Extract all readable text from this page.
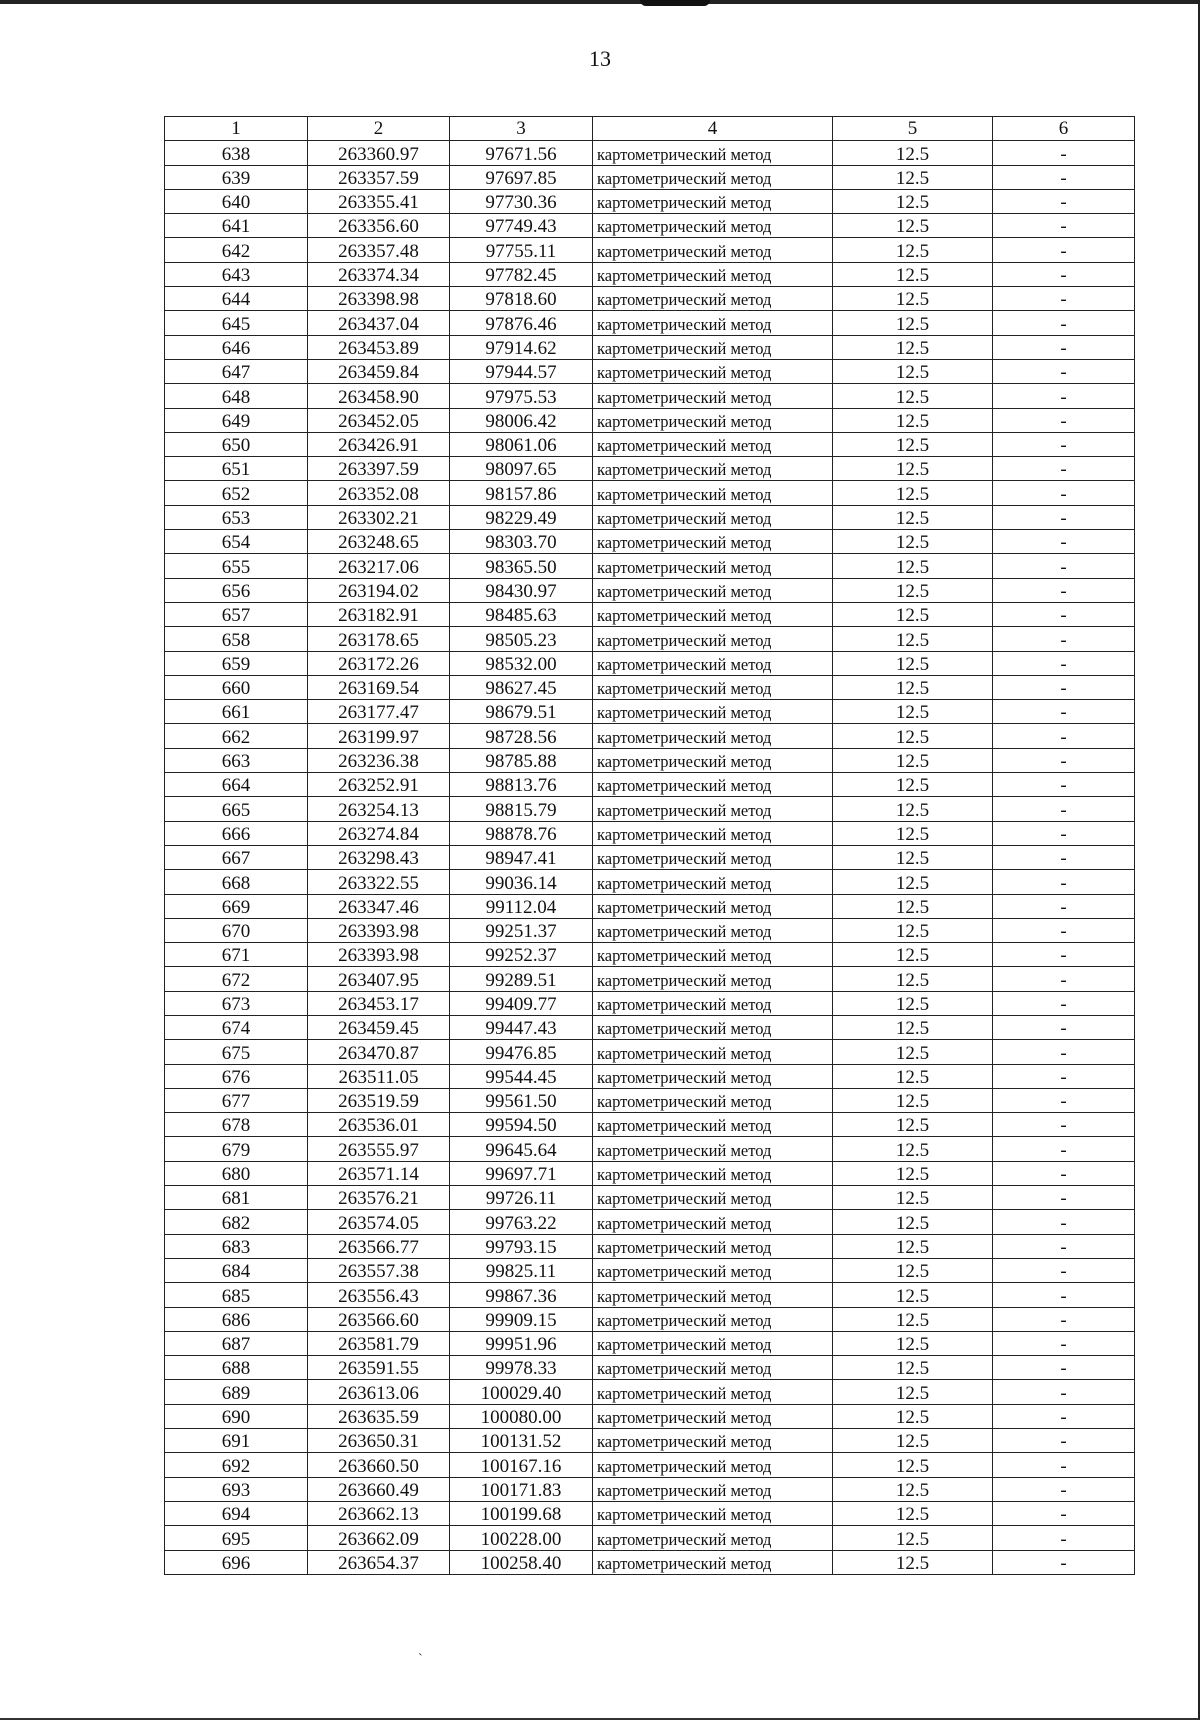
13
1	2	3	4	5	6
638	263360.97	97671.56	картометрический метод	12.5	-
639	263357.59	97697.85	картометрический метод	12.5	-
640	263355.41	97730.36	картометрический метод	12.5	-
641	263356.60	97749.43	картометрический метод	12.5	-
642	263357.48	97755.11	картометрический метод	12.5	-
643	263374.34	97782.45	картометрический метод	12.5	-
644	263398.98	97818.60	картометрический метод	12.5	-
645	263437.04	97876.46	картометрический метод	12.5	-
646	263453.89	97914.62	картометрический метод	12.5	-
647	263459.84	97944.57	картометрический метод	12.5	-
648	263458.90	97975.53	картометрический метод	12.5	-
649	263452.05	98006.42	картометрический метод	12.5	-
650	263426.91	98061.06	картометрический метод	12.5	-
651	263397.59	98097.65	картометрический метод	12.5	-
652	263352.08	98157.86	картометрический метод	12.5	-
653	263302.21	98229.49	картометрический метод	12.5	-
654	263248.65	98303.70	картометрический метод	12.5	-
655	263217.06	98365.50	картометрический метод	12.5	-
656	263194.02	98430.97	картометрический метод	12.5	-
657	263182.91	98485.63	картометрический метод	12.5	-
658	263178.65	98505.23	картометрический метод	12.5	-
659	263172.26	98532.00	картометрический метод	12.5	-
660	263169.54	98627.45	картометрический метод	12.5	-
661	263177.47	98679.51	картометрический метод	12.5	-
662	263199.97	98728.56	картометрический метод	12.5	-
663	263236.38	98785.88	картометрический метод	12.5	-
664	263252.91	98813.76	картометрический метод	12.5	-
665	263254.13	98815.79	картометрический метод	12.5	-
666	263274.84	98878.76	картометрический метод	12.5	-
667	263298.43	98947.41	картометрический метод	12.5	-
668	263322.55	99036.14	картометрический метод	12.5	-
669	263347.46	99112.04	картометрический метод	12.5	-
670	263393.98	99251.37	картометрический метод	12.5	-
671	263393.98	99252.37	картометрический метод	12.5	-
672	263407.95	99289.51	картометрический метод	12.5	-
673	263453.17	99409.77	картометрический метод	12.5	-
674	263459.45	99447.43	картометрический метод	12.5	-
675	263470.87	99476.85	картометрический метод	12.5	-
676	263511.05	99544.45	картометрический метод	12.5	-
677	263519.59	99561.50	картометрический метод	12.5	-
678	263536.01	99594.50	картометрический метод	12.5	-
679	263555.97	99645.64	картометрический метод	12.5	-
680	263571.14	99697.71	картометрический метод	12.5	-
681	263576.21	99726.11	картометрический метод	12.5	-
682	263574.05	99763.22	картометрический метод	12.5	-
683	263566.77	99793.15	картометрический метод	12.5	-
684	263557.38	99825.11	картометрический метод	12.5	-
685	263556.43	99867.36	картометрический метод	12.5	-
686	263566.60	99909.15	картометрический метод	12.5	-
687	263581.79	99951.96	картометрический метод	12.5	-
688	263591.55	99978.33	картометрический метод	12.5	-
689	263613.06	100029.40	картометрический метод	12.5	-
690	263635.59	100080.00	картометрический метод	12.5	-
691	263650.31	100131.52	картометрический метод	12.5	-
692	263660.50	100167.16	картометрический метод	12.5	-
693	263660.49	100171.83	картометрический метод	12.5	-
694	263662.13	100199.68	картометрический метод	12.5	-
695	263662.09	100228.00	картометрический метод	12.5	-
696	263654.37	100258.40	картометрический метод	12.5	-
`
